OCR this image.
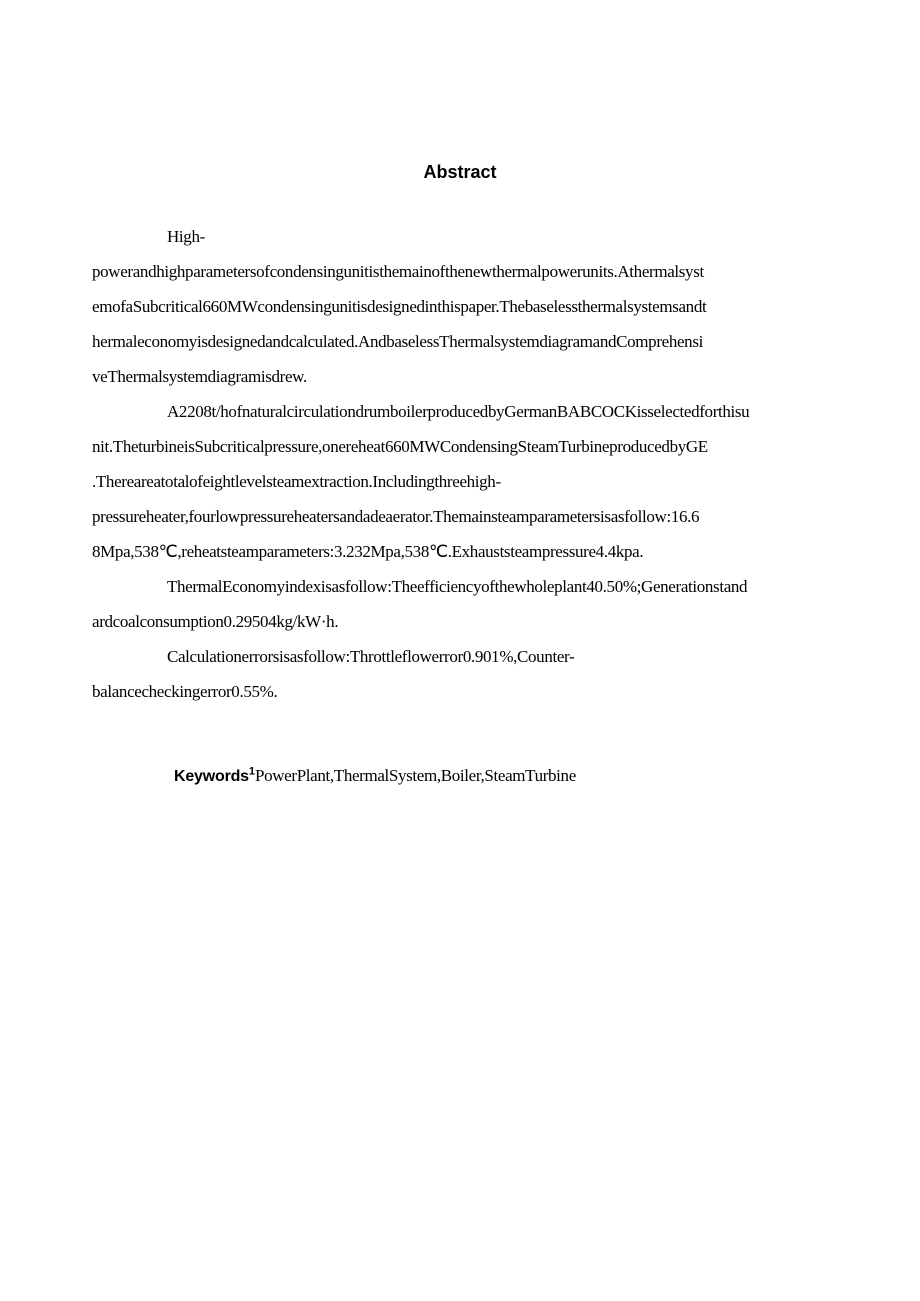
Abstract
High-
powerandhighparametersofcondensingunitisthemainofthenewthermalpowerunits.Athermalsyst
emofaSubcritical660MWcondensingunitisdesignedinthispaper.Thebaselessthermalsystemsandt
hermaleconomyisdesignedandcalculated.AndbaselessThermalsystemdiagramandComprehensi
veThermalsystemdiagramisdrew.
A2208t/hofnaturalcirculationdrumboilerproducedbyGermanBABCOCKisselectedforthisu
nit.TheturbineisSubcriticalpressure,onereheat660MWCondensingSteamTurbineproducedbyGE
.Thereareatotalofeightlevelsteamextraction.Includingthreehigh-
pressureheater,fourlowpressureheatersandadeaerator.Themainsteamparametersisasfollow:16.6
8Mpa,538℃,reheatsteamparameters:3.232Mpa,538℃.Exhauststeampressure4.4kpa.
ThermalEconomyindexisasfollow:Theefficiencyofthewholeplant40.50%;Generationstand
ardcoalconsumption0.29504kg/kW·h.
Calculationerrorsisasfollow:Throttleflowerror0.901%,Counter-
balancecheckingerror0.55%.
Keywords$^1$PowerPlant,ThermalSystem,Boiler,SteamTurbine
